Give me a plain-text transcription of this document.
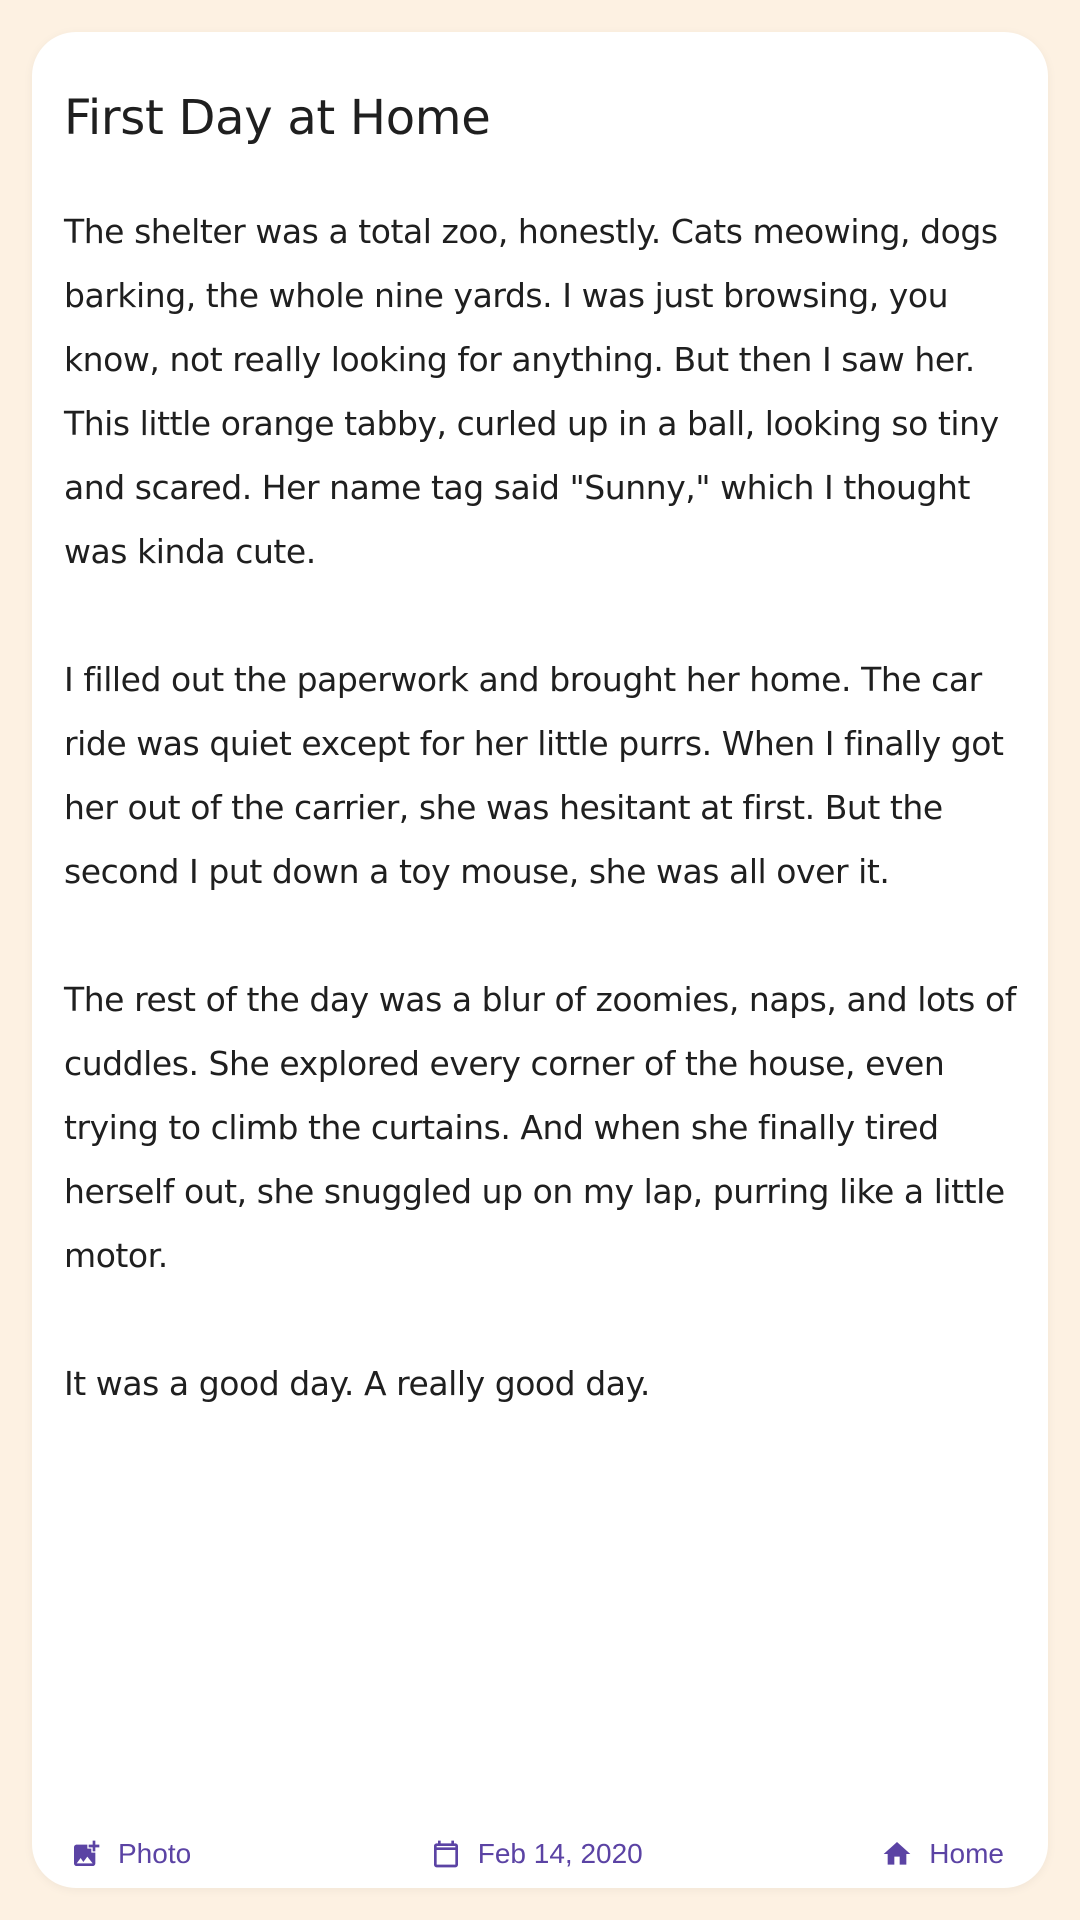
First Day at Home

The shelter was a total zoo, honestly. Cats meowing, dogs barking, the whole nine yards. I was just browsing, you know, not really looking for anything. But then I saw her. This little orange tabby, curled up in a ball, looking so tiny and scared. Her name tag said "Sunny," which I thought was kinda cute.

I filled out the paperwork and brought her home. The car ride was quiet except for her little purrs. When I finally got her out of the carrier, she was hesitant at first. But the second I put down a toy mouse, she was all over it.

The rest of the day was a blur of zoomies, naps, and lots of cuddles. She explored every corner of the house, even trying to climb the curtains. And when she finally tired herself out, she snuggled up on my lap, purring like a little motor.

It was a good day. A really good day.

Photo	Feb 14, 2020	Home
